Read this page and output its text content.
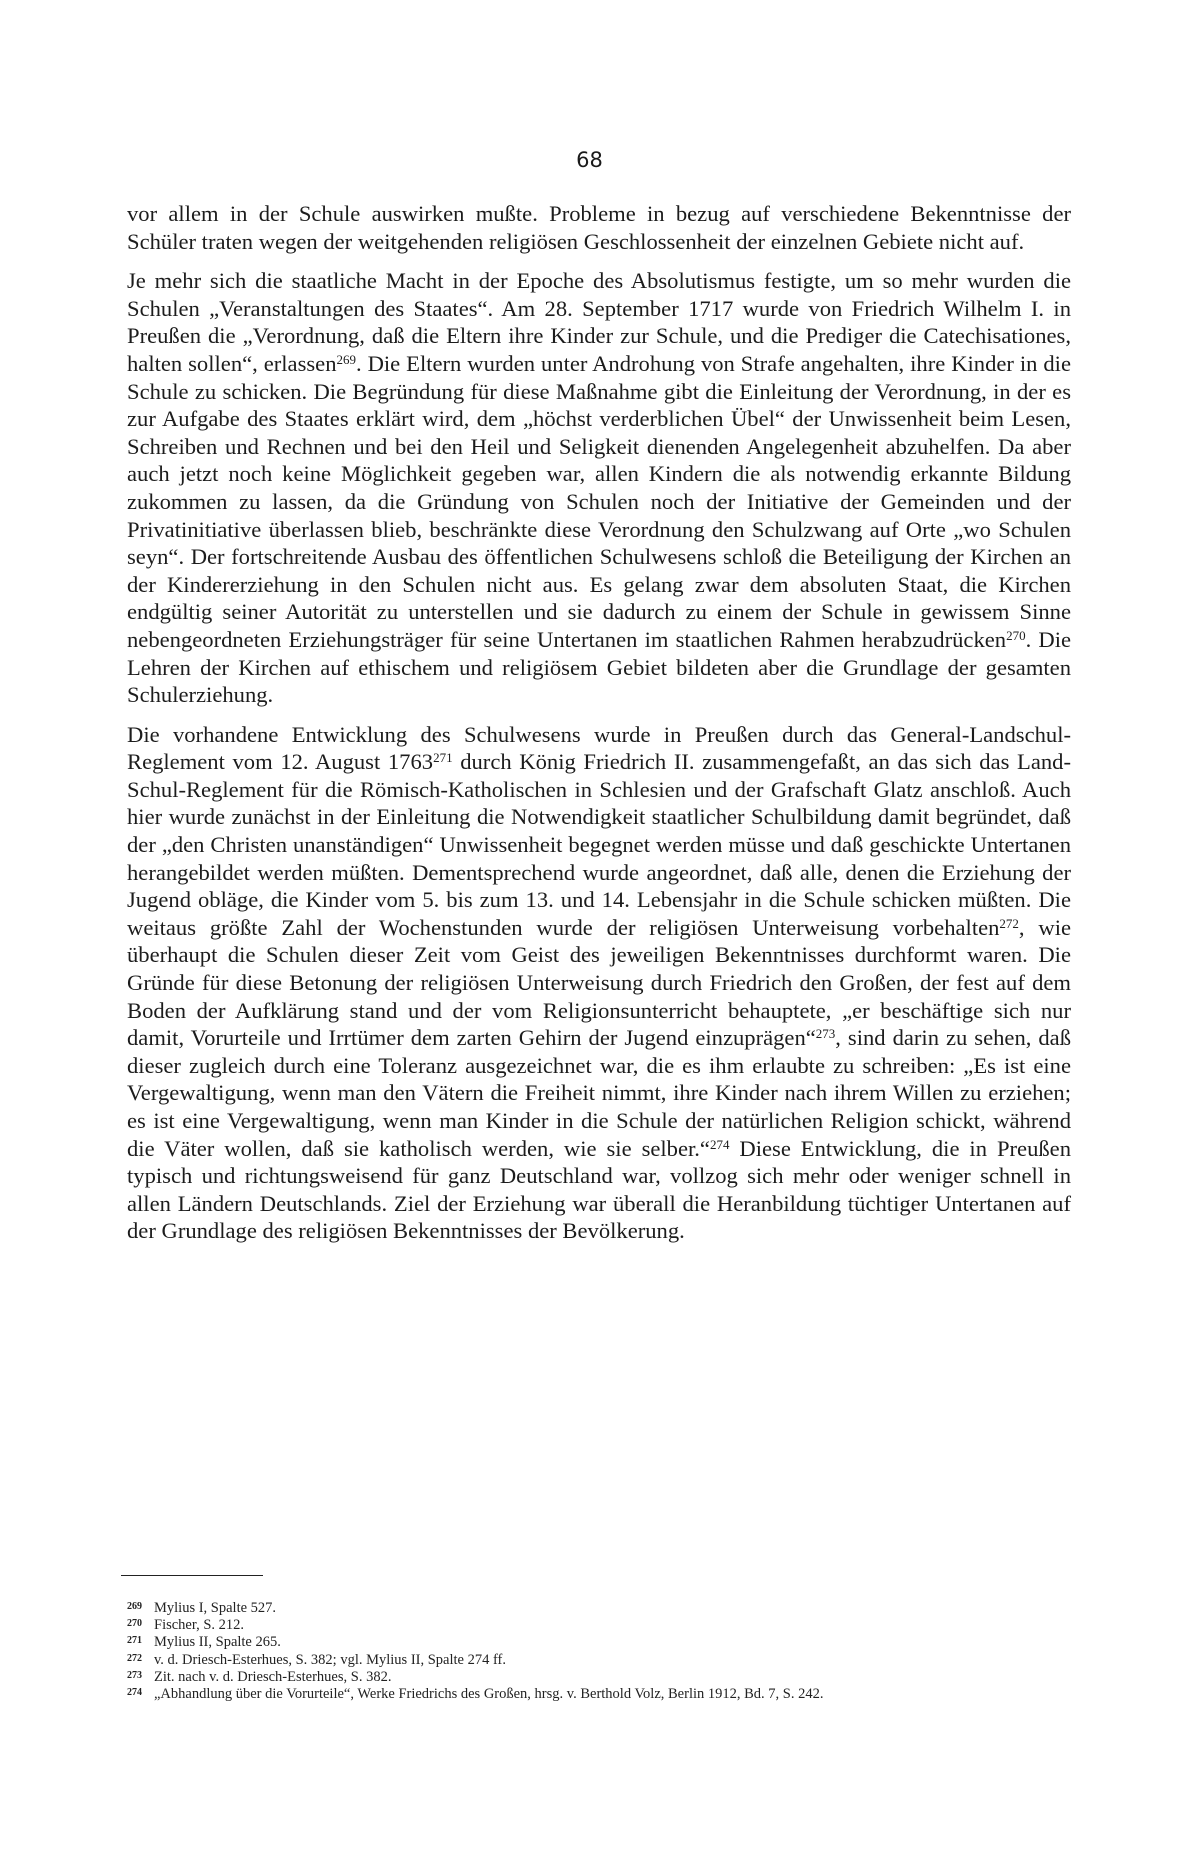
68

vor allem in der Schule auswirken mußte. Probleme in bezug auf verschiedene Bekenntnisse der Schüler traten wegen der weitgehenden religiösen Geschlossenheit der einzelnen Gebiete nicht auf.

Je mehr sich die staatliche Macht in der Epoche des Absolutismus festigte, um so mehr wurden die Schulen „Veranstaltungen des Staates“. Am 28. September 1717 wurde von Friedrich Wilhelm I. in Preußen die „Verordnung, daß die Eltern ihre Kinder zur Schule, und die Prediger die Catechisationes, halten sollen“, erlassen$^{269}$. Die Eltern wurden unter Androhung von Strafe angehalten, ihre Kinder in die Schule zu schicken. Die Begründung für diese Maßnahme gibt die Einleitung der Verordnung, in der es zur Aufgabe des Staates erklärt wird, dem „höchst verderblichen Übel“ der Unwissenheit beim Lesen, Schreiben und Rechnen und bei den Heil und Seligkeit dienenden Angelegenheit abzuhelfen. Da aber auch jetzt noch keine Möglichkeit gegeben war, allen Kindern die als notwendig erkannte Bildung zukommen zu lassen, da die Gründung von Schulen noch der Initiative der Gemeinden und der Privatinitiative überlassen blieb, beschränkte diese Verordnung den Schulzwang auf Orte „wo Schulen seyn“. Der fortschreitende Ausbau des öffentlichen Schulwesens schloß die Beteiligung der Kirchen an der Kindererziehung in den Schulen nicht aus. Es gelang zwar dem absoluten Staat, die Kirchen endgültig seiner Autorität zu unterstellen und sie dadurch zu einem der Schule in gewissem Sinne nebengeordneten Erziehungsträger für seine Untertanen im staatlichen Rahmen herabzudrücken$^{270}$. Die Lehren der Kirchen auf ethischem und religiösem Gebiet bildeten aber die Grundlage der gesamten Schulerziehung.

Die vorhandene Entwicklung des Schulwesens wurde in Preußen durch das General-Landschul-Reglement vom 12. August 1763$^{271}$ durch König Friedrich II. zusammengefaßt, an das sich das Land-Schul-Reglement für die Römisch-Katholischen in Schlesien und der Grafschaft Glatz anschloß. Auch hier wurde zunächst in der Einleitung die Notwendigkeit staatlicher Schulbildung damit begründet, daß der „den Christen unanständigen“ Unwissenheit begegnet werden müsse und daß geschickte Untertanen herangebildet werden müßten. Dementsprechend wurde angeordnet, daß alle, denen die Erziehung der Jugend obläge, die Kinder vom 5. bis zum 13. und 14. Lebensjahr in die Schule schicken müßten. Die weitaus größte Zahl der Wochenstunden wurde der religiösen Unterweisung vorbehalten$^{272}$, wie überhaupt die Schulen dieser Zeit vom Geist des jeweiligen Bekenntnisses durchformt waren. Die Gründe für diese Betonung der religiösen Unterweisung durch Friedrich den Großen, der fest auf dem Boden der Aufklärung stand und der vom Religionsunterricht behauptete, „er beschäftige sich nur damit, Vorurteile und Irrtümer dem zarten Gehirn der Jugend einzuprägen“$^{273}$, sind darin zu sehen, daß dieser zugleich durch eine Toleranz ausgezeichnet war, die es ihm erlaubte zu schreiben: „Es ist eine Vergewaltigung, wenn man den Vätern die Freiheit nimmt, ihre Kinder nach ihrem Willen zu erziehen; es ist eine Vergewaltigung, wenn man Kinder in die Schule der natürlichen Religion schickt, während die Väter wollen, daß sie katholisch werden, wie sie selber.“$^{274}$ Diese Entwicklung, die in Preußen typisch und richtungsweisend für ganz Deutschland war, vollzog sich mehr oder weniger schnell in allen Ländern Deutschlands. Ziel der Erziehung war überall die Heranbildung tüchtiger Untertanen auf der Grundlage des religiösen Bekenntnisses der Bevölkerung.

269 Mylius I, Spalte 527.
270 Fischer, S. 212.
271 Mylius II, Spalte 265.
272 v. d. Driesch-Esterhues, S. 382; vgl. Mylius II, Spalte 274 ff.
273 Zit. nach v. d. Driesch-Esterhues, S. 382.
274 „Abhandlung über die Vorurteile“, Werke Friedrichs des Großen, hrsg. v. Berthold Volz, Berlin 1912, Bd. 7, S. 242.
